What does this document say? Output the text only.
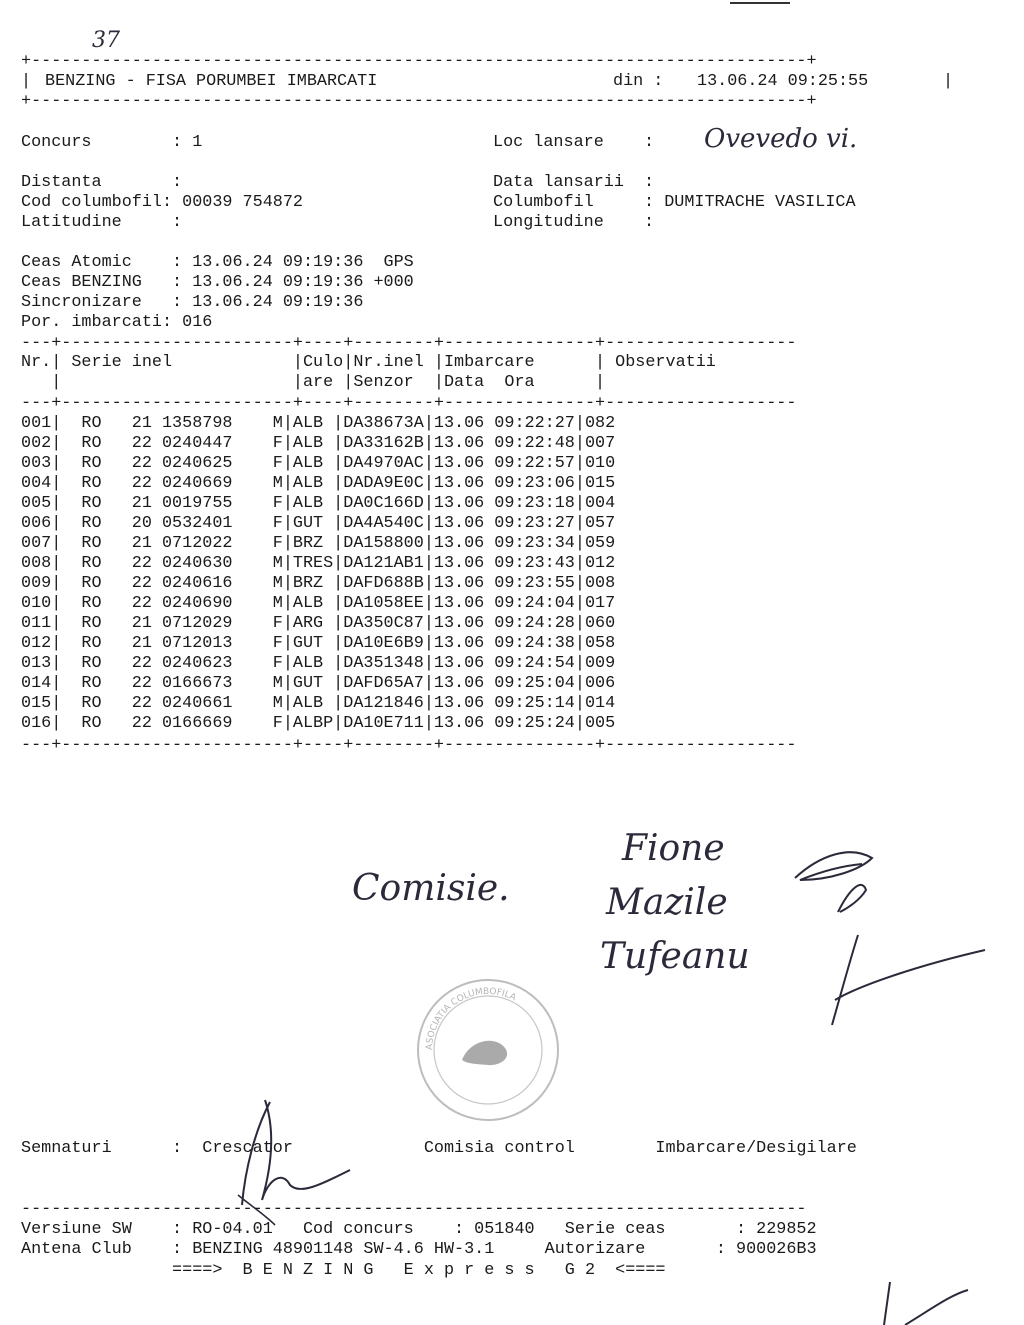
37
+-----------------------------------------------------------------------------+
| BENZING - FISA PORUMBEI IMBARCATI	din : 13.06.24 09:25:55	|
+-----------------------------------------------------------------------------+
Concurs        : 1	Loc lansare    : Ovevedo vi.
Distanta       :	Data lansarii  :
Cod columbofil: 00039 754872	Columbofil     : DUMITRACHE VASILICA
Latitudine     :	Longitudine    :
Ceas Atomic    : 13.06.24 09:19:36  GPS
Ceas BENZING   : 13.06.24 09:19:36 +000
Sincronizare   : 13.06.24 09:19:36
Por. imbarcati: 016
---+-----------------------+----+--------+---------------+-------------------
Nr.| Serie inel            |Culo|Nr.inel |Imbarcare      | Observatii
|                       |are |Senzor  |Data  Ora      |
---+-----------------------+----+--------+---------------+-------------------
001|  RO   21 1358798    M|ALB |DA38673A|13.06 09:22:27|082
002|  RO   22 0240447    F|ALB |DA33162B|13.06 09:22:48|007
003|  RO   22 0240625    F|ALB |DA4970AC|13.06 09:22:57|010
004|  RO   22 0240669    M|ALB |DADA9E0C|13.06 09:23:06|015
005|  RO   21 0019755    F|ALB |DA0C166D|13.06 09:23:18|004
006|  RO   20 0532401    F|GUT |DA4A540C|13.06 09:23:27|057
007|  RO   21 0712022    F|BRZ |DA158800|13.06 09:23:34|059
008|  RO   22 0240630    M|TRES|DA121AB1|13.06 09:23:43|012
009|  RO   22 0240616    M|BRZ |DAFD688B|13.06 09:23:55|008
010|  RO   22 0240690    M|ALB |DA1058EE|13.06 09:24:04|017
011|  RO   21 0712029    F|ARG |DA350C87|13.06 09:24:28|060
012|  RO   21 0712013    F|GUT |DA10E6B9|13.06 09:24:38|058
013|  RO   22 0240623    F|ALB |DA351348|13.06 09:24:54|009
014|  RO   22 0166673    M|GUT |DAFD65A7|13.06 09:25:04|006
015|  RO   22 0240661    M|ALB |DA121846|13.06 09:25:14|014
016|  RO   22 0166669    F|ALBP|DA10E711|13.06 09:25:24|005
---+-----------------------+----+--------+---------------+-------------------
Comisie.
Fione
Mazile
Tufeanu
ASOCIATIA COLUMBOFILA
Semnaturi      :  Crescator             Comisia control        Imbarcare/Desigilare
------------------------------------------------------------------------------
Versiune SW    : RO-04.01   Cod concurs    : 051840   Serie ceas       : 229852
Antena Club    : BENZING 48901148 SW-4.6 HW-3.1     Autorizare       : 900026B3
====>  B E N Z I N G   E x p r e s s   G 2  <====
